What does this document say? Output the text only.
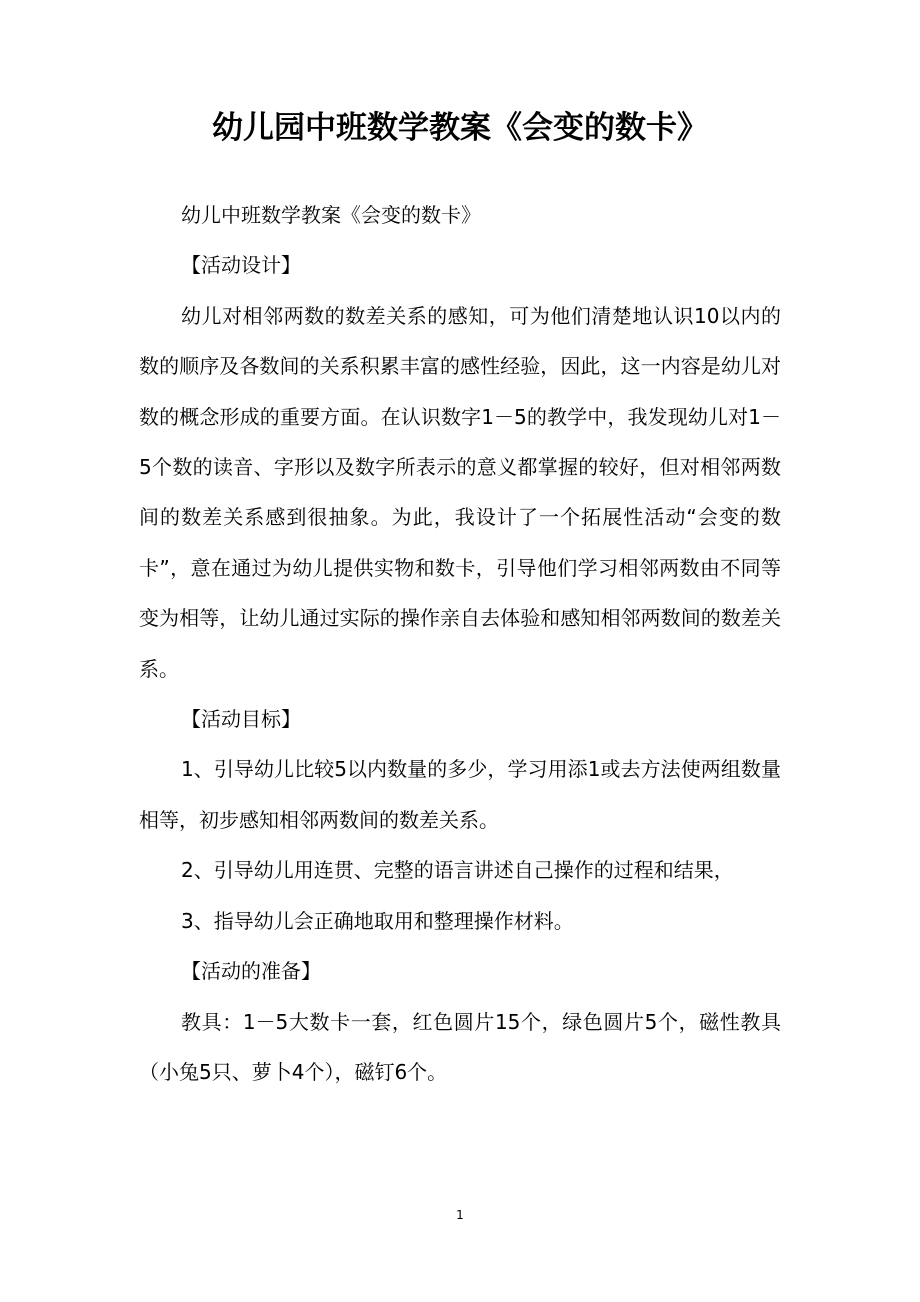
幼儿园中班数学教案《会变的数卡》

幼儿中班数学教案《会变的数卡》

【活动设计】

幼儿对相邻两数的数差关系的感知，可为他们清楚地认识10以内的数的顺序及各数间的关系积累丰富的感性经验，因此，这一内容是幼儿对数的概念形成的重要方面。在认识数字1－5的教学中，我发现幼儿对1－5个数的读音、字形以及数字所表示的意义都掌握的较好，但对相邻两数间的数差关系感到很抽象。为此，我设计了一个拓展性活动“会变的数卡”，意在通过为幼儿提供实物和数卡，引导他们学习相邻两数由不同等变为相等，让幼儿通过实际的操作亲自去体验和感知相邻两数间的数差关系。

【活动目标】

1、引导幼儿比较5以内数量的多少，学习用添1或去方法使两组数量相等，初步感知相邻两数间的数差关系。

2、引导幼儿用连贯、完整的语言讲述自己操作的过程和结果，

3、指导幼儿会正确地取用和整理操作材料。

【活动的准备】

教具：1－5大数卡一套，红色圆片15个，绿色圆片5个，磁性教具（小兔5只、萝卜4个），磁钉6个。

1
